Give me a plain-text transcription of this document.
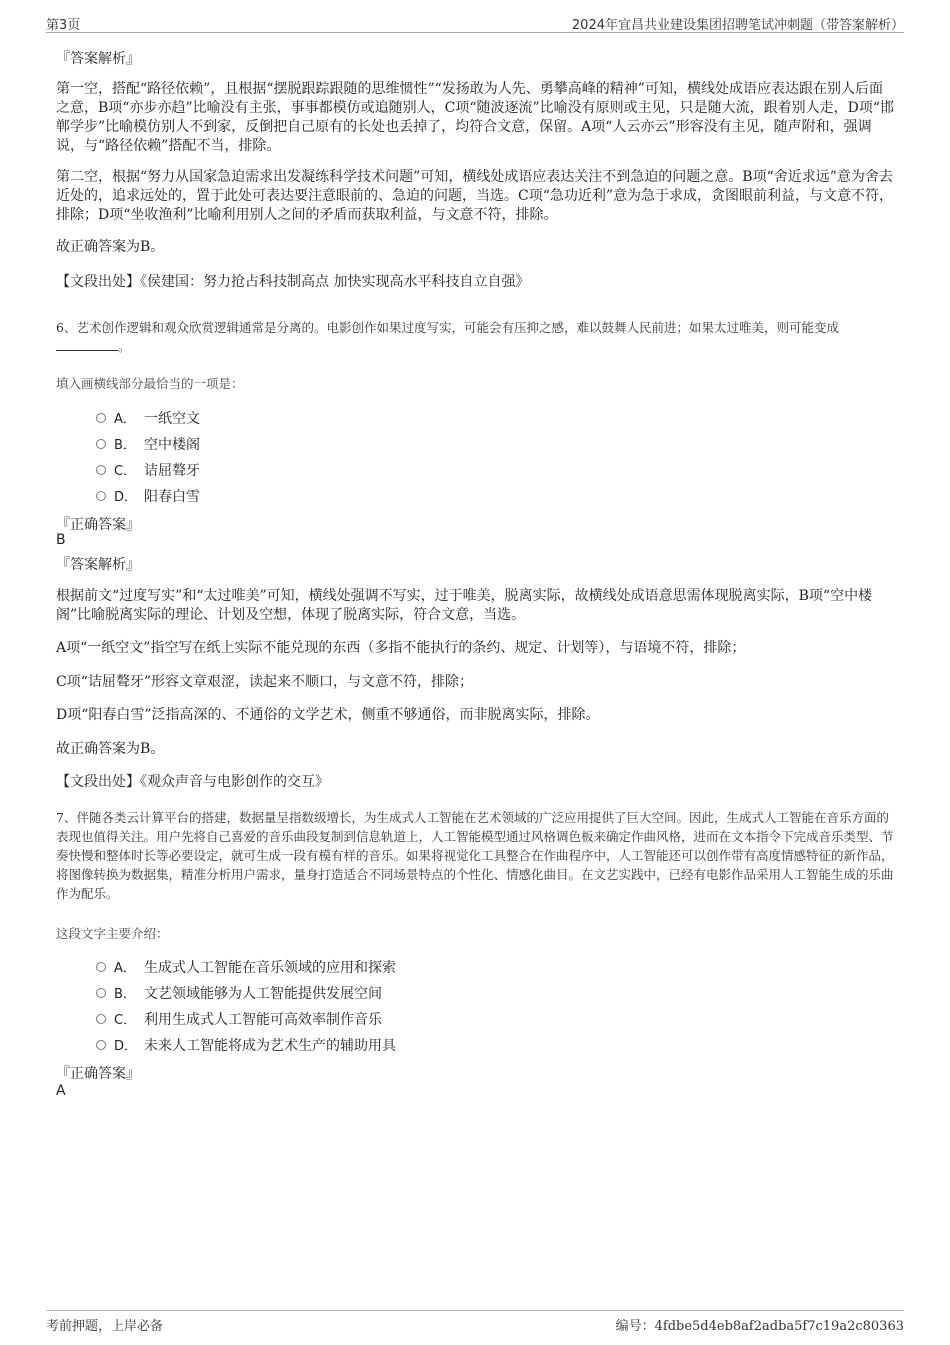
第3页	2024年宜昌共业建设集团招聘笔试冲刺题（带答案解析）
『答案解析』
第一空，搭配“路径依赖”，且根据“摆脱跟踪跟随的思维惯性”“发扬敢为人先、勇攀高峰的精神”可知，横线处成语应表达跟在别人后面之意，B项“亦步亦趋”比喻没有主张，事事都模仿或追随别人，C项“随波逐流”比喻没有原则或主见，只是随大流，跟着别人走，D项“邯郸学步”比喻模仿别人不到家，反倒把自己原有的长处也丢掉了，均符合文意，保留。A项“人云亦云”形容没有主见，随声附和，强调说，与“路径依赖”搭配不当，排除。
第二空，根据“努力从国家急迫需求出发凝练科学技术问题”可知，横线处成语应表达关注不到急迫的问题之意。B项“舍近求远”意为舍去近处的，追求远处的，置于此处可表达要注意眼前的、急迫的问题，当选。C项“急功近利”意为急于求成，贪图眼前利益，与文意不符，排除；D项“坐收渔利”比喻利用别人之间的矛盾而获取利益，与文意不符，排除。
故正确答案为B。
【文段出处】《侯建国：努力抢占科技制高点 加快实现高水平科技自立自强》
6、艺术创作逻辑和观众欣赏逻辑通常是分离的。电影创作如果过度写实，可能会有压抑之感，难以鼓舞人民前进；如果太过唯美，则可能变成。
填入画横线部分最恰当的一项是：
A． 一纸空文
B． 空中楼阁
C． 诘屈聱牙
D． 阳春白雪
『正确答案』
B
『答案解析』
根据前文“过度写实”和“太过唯美”可知，横线处强调不写实，过于唯美，脱离实际，故横线处成语意思需体现脱离实际，B项“空中楼阁”比喻脱离实际的理论、计划及空想，体现了脱离实际，符合文意，当选。
A项“一纸空文”指空写在纸上实际不能兑现的东西（多指不能执行的条约、规定、计划等），与语境不符，排除；
C项“诘屈聱牙”形容文章艰涩，读起来不顺口，与文意不符，排除；
D项“阳春白雪”泛指高深的、不通俗的文学艺术，侧重不够通俗，而非脱离实际，排除。
故正确答案为B。
【文段出处】《观众声音与电影创作的交互》
7、伴随各类云计算平台的搭建，数据量呈指数级增长，为生成式人工智能在艺术领域的广泛应用提供了巨大空间。因此，生成式人工智能在音乐方面的表现也值得关注。用户先将自己喜爱的音乐曲段复制到信息轨道上，人工智能模型通过风格调色板来确定作曲风格，进而在文本指令下完成音乐类型、节奏快慢和整体时长等必要设定，就可生成一段有模有样的音乐。如果将视觉化工具整合在作曲程序中，人工智能还可以创作带有高度情感特征的新作品，将图像转换为数据集，精准分析用户需求，量身打造适合不同场景特点的个性化、情感化曲目。在文艺实践中，已经有电影作品采用人工智能生成的乐曲作为配乐。
这段文字主要介绍：
A． 生成式人工智能在音乐领域的应用和探索
B． 文艺领域能够为人工智能提供发展空间
C． 利用生成式人工智能可高效率制作音乐
D． 未来人工智能将成为艺术生产的辅助用具
『正确答案』
A
考前押题，上岸必备	编号：4fdbe5d4eb8af2adba5f7c19a2c80363
